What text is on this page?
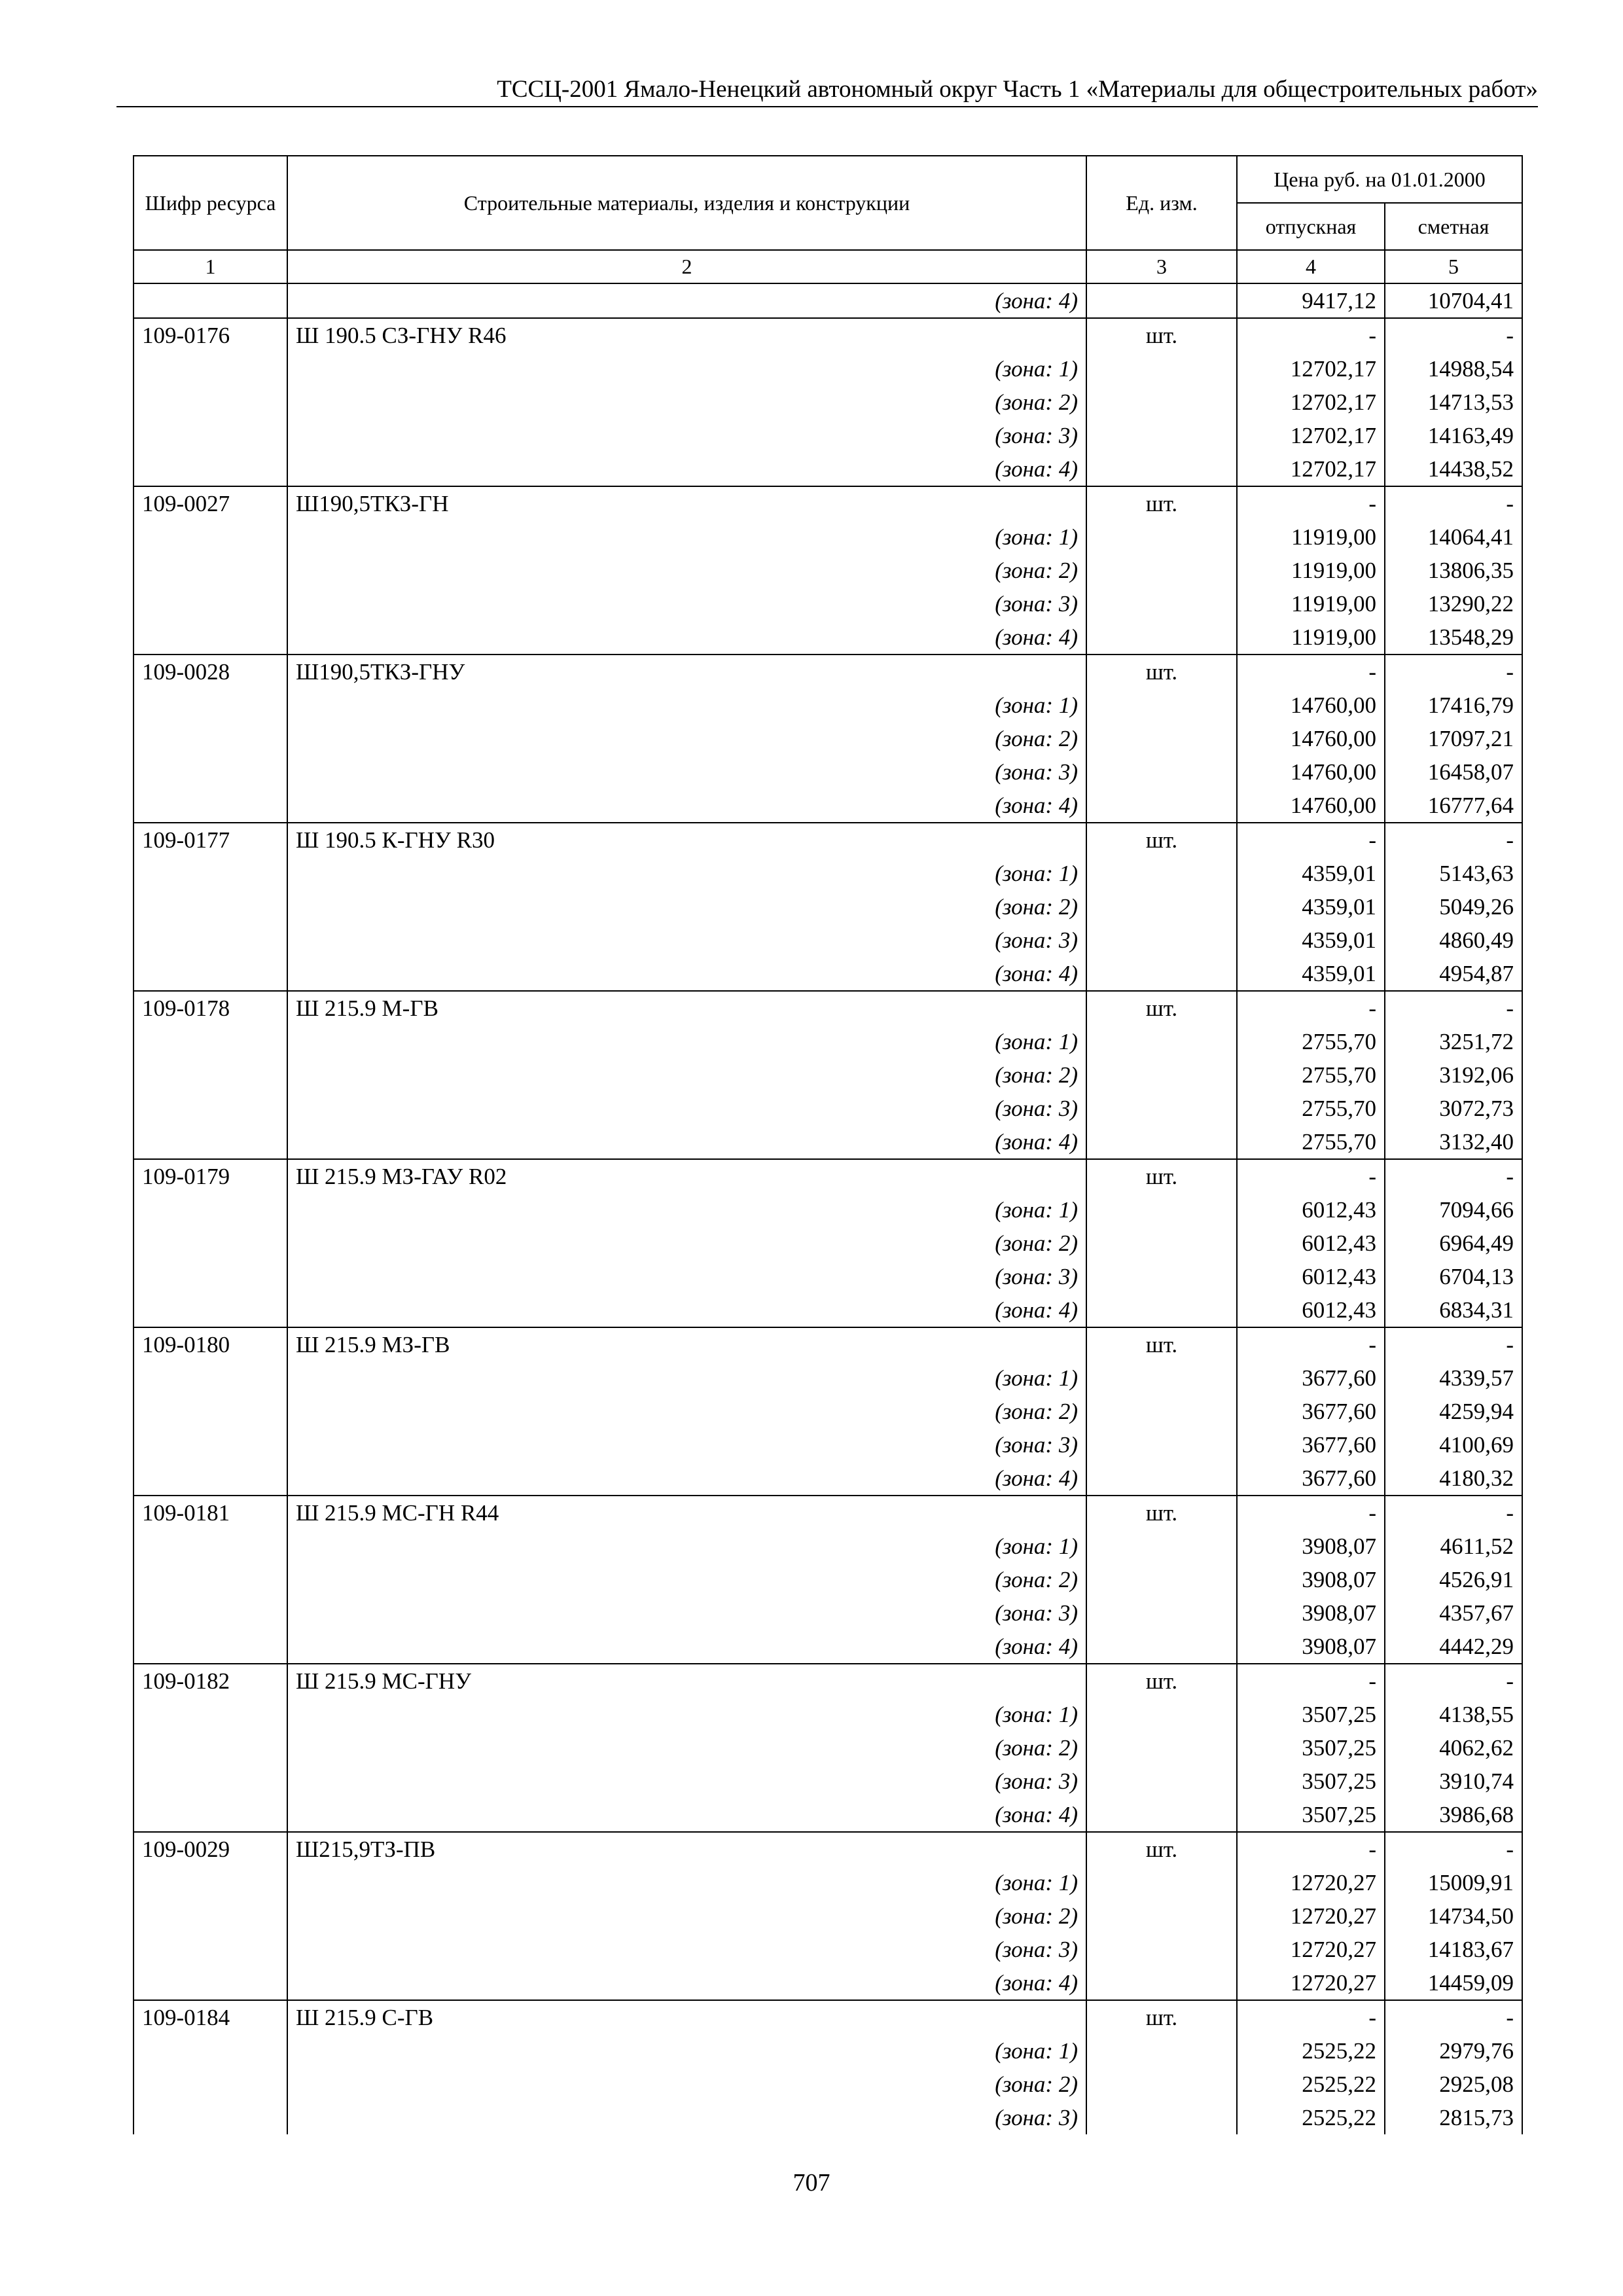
ТССЦ-2001 Ямало-Ненецкий автономный округ Часть 1 «Материалы для общестроительных работ»
Шифр ресурса	Строительные материалы, изделия и конструкции	Ед. изм.	Цена руб. на 01.01.2000	
			отпускная	сметная
1	2	3	4	5
	(зона: 4)		9417,12	10704,41
109-0176	Ш 190.5 СЗ-ГНУ R46	шт.	-	-
	(зона: 1)		12702,17	14988,54
	(зона: 2)		12702,17	14713,53
	(зона: 3)		12702,17	14163,49
	(зона: 4)		12702,17	14438,52
109-0027	Ш190,5ТКЗ-ГН	шт.	-	-
	(зона: 1)		11919,00	14064,41
	(зона: 2)		11919,00	13806,35
	(зона: 3)		11919,00	13290,22
	(зона: 4)		11919,00	13548,29
109-0028	Ш190,5ТКЗ-ГНУ	шт.	-	-
	(зона: 1)		14760,00	17416,79
	(зона: 2)		14760,00	17097,21
	(зона: 3)		14760,00	16458,07
	(зона: 4)		14760,00	16777,64
109-0177	Ш 190.5 К-ГНУ R30	шт.	-	-
	(зона: 1)		4359,01	5143,63
	(зона: 2)		4359,01	5049,26
	(зона: 3)		4359,01	4860,49
	(зона: 4)		4359,01	4954,87
109-0178	Ш 215.9 М-ГВ	шт.	-	-
	(зона: 1)		2755,70	3251,72
	(зона: 2)		2755,70	3192,06
	(зона: 3)		2755,70	3072,73
	(зона: 4)		2755,70	3132,40
109-0179	Ш 215.9 МЗ-ГАУ R02	шт.	-	-
	(зона: 1)		6012,43	7094,66
	(зона: 2)		6012,43	6964,49
	(зона: 3)		6012,43	6704,13
	(зона: 4)		6012,43	6834,31
109-0180	Ш 215.9 МЗ-ГВ	шт.	-	-
	(зона: 1)		3677,60	4339,57
	(зона: 2)		3677,60	4259,94
	(зона: 3)		3677,60	4100,69
	(зона: 4)		3677,60	4180,32
109-0181	Ш 215.9 МС-ГН R44	шт.	-	-
	(зона: 1)		3908,07	4611,52
	(зона: 2)		3908,07	4526,91
	(зона: 3)		3908,07	4357,67
	(зона: 4)		3908,07	4442,29
109-0182	Ш 215.9 МС-ГНУ	шт.	-	-
	(зона: 1)		3507,25	4138,55
	(зона: 2)		3507,25	4062,62
	(зона: 3)		3507,25	3910,74
	(зона: 4)		3507,25	3986,68
109-0029	Ш215,9ТЗ-ПВ	шт.	-	-
	(зона: 1)		12720,27	15009,91
	(зона: 2)		12720,27	14734,50
	(зона: 3)		12720,27	14183,67
	(зона: 4)		12720,27	14459,09
109-0184	Ш 215.9 С-ГВ	шт.	-	-
	(зона: 1)		2525,22	2979,76
	(зона: 2)		2525,22	2925,08
	(зона: 3)		2525,22	2815,73
707
